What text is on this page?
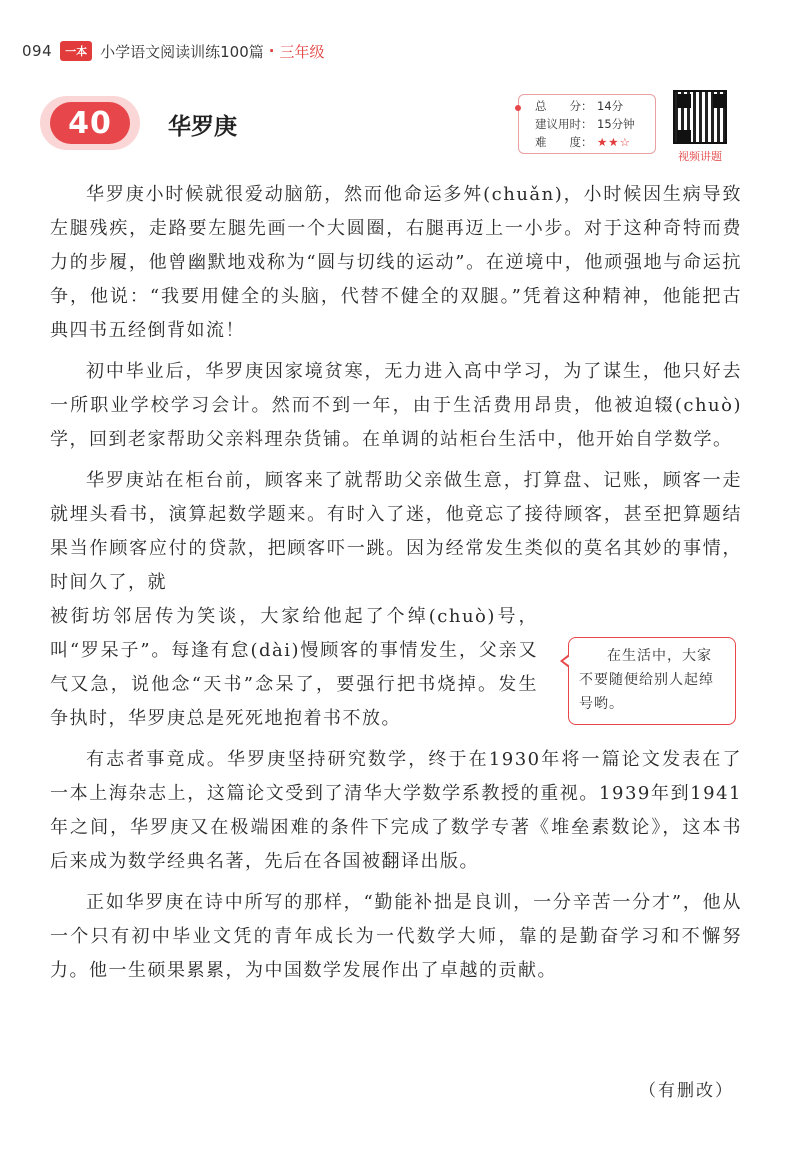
094	一本 小学语文阅读训练100篇 · 三年级
40 华罗庚
总　　分： 14分
建议用时： 15分钟
难　　度： ★★☆
视频讲题

华罗庚小时候就很爱动脑筋，然而他命运多舛(chuǎn)，小时候因生病导致左腿残疾，走路要左腿先画一个大圆圈，右腿再迈上一小步。对于这种奇特而费力的步履，他曾幽默地戏称为“圆与切线的运动”。在逆境中，他顽强地与命运抗争，他说：“我要用健全的头脑，代替不健全的双腿。”凭着这种精神，他能把古典四书五经倒背如流！

初中毕业后，华罗庚因家境贫寒，无力进入高中学习，为了谋生，他只好去一所职业学校学习会计。然而不到一年，由于生活费用昂贵，他被迫辍(chuò)学，回到老家帮助父亲料理杂货铺。在单调的站柜台生活中，他开始自学数学。

华罗庚站在柜台前，顾客来了就帮助父亲做生意，打算盘、记账，顾客一走就埋头看书，演算起数学题来。有时入了迷，他竟忘了接待顾客，甚至把算题结果当作顾客应付的贷款，把顾客吓一跳。因为经常发生类似的莫名其妙的事情，时间久了，就

被街坊邻居传为笑谈，大家给他起了个绰(chuò)号，叫“罗呆子”。每逢有怠(dài)慢顾客的事情发生，父亲又气又急，说他念“天书”念呆了，要强行把书烧掉。发生争执时，华罗庚总是死死地抱着书不放。

有志者事竟成。华罗庚坚持研究数学，终于在1930年将一篇论文发表在了一本上海杂志上，这篇论文受到了清华大学数学系教授的重视。1939年到1941年之间，华罗庚又在极端困难的条件下完成了数学专著《堆垒素数论》，这本书后来成为数学经典名著，先后在各国被翻译出版。

正如华罗庚在诗中所写的那样，“勤能补拙是良训，一分辛苦一分才”，他从一个只有初中毕业文凭的青年成长为一代数学大师，靠的是勤奋学习和不懈努力。他一生硕果累累，为中国数学发展作出了卓越的贡献。

在生活中，大家不要随便给别人起绰号哟。
（有删改）
